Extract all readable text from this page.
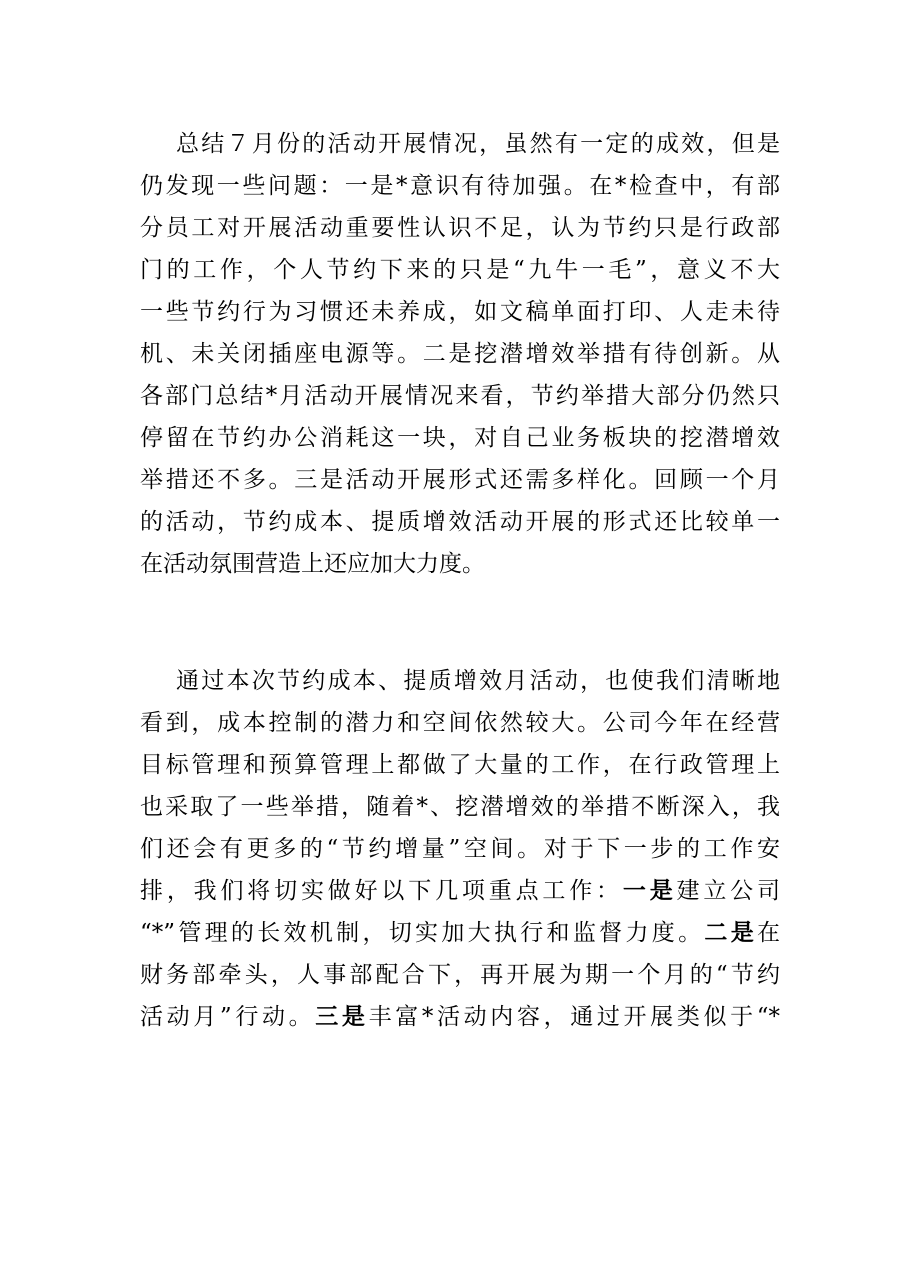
总结７月份的活动开展情况，虽然有一定的成效，但是
仍发现一些问题：一是*意识有待加强。在*检查中，有部
分员工对开展活动重要性认识不足，认为节约只是行政部
门的工作，个人节约下来的只是“九牛一毛”，意义不大
一些节约行为习惯还未养成，如文稿单面打印、人走未待
机、未关闭插座电源等。二是挖潜增效举措有待创新。从
各部门总结*月活动开展情况来看，节约举措大部分仍然只
停留在节约办公消耗这一块，对自己业务板块的挖潜增效
举措还不多。三是活动开展形式还需多样化。回顾一个月
的活动，节约成本、提质增效活动开展的形式还比较单一
在活动氛围营造上还应加大力度。
通过本次节约成本、提质增效月活动，也使我们清晰地
看到，成本控制的潜力和空间依然较大。公司今年在经营
目标管理和预算管理上都做了大量的工作，在行政管理上
也采取了一些举措，随着*、挖潜增效的举措不断深入，我
们还会有更多的“节约增量”空间。对于下一步的工作安
排，我们将切实做好以下几项重点工作：一是建立公司
“*”管理的长效机制，切实加大执行和监督力度。二是在
财务部牵头，人事部配合下，再开展为期一个月的“节约
活动月”行动。三是丰富*活动内容，通过开展类似于“*
